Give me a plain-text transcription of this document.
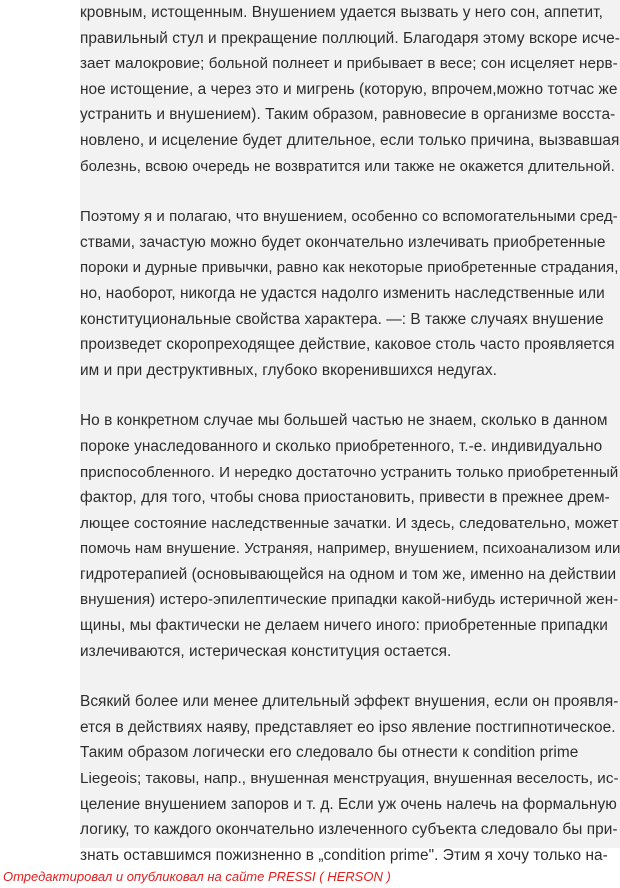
кровным, истощенным. Внушением удается вызвать у него сон, аппетит,
правильный стул и прекращение поллюций. Благодаря этому вскоре исче-
зает малокровие; больной полнеет и прибывает в весе; сон исцеляет нерв-
ное истощение, а через это и мигрень (которую, впрочем,можно тотчас же
устранить и внушением). Таким образом, равновесие в организме восста-
новлено, и исцеление будет длительное, если только причина, вызвавшая
болезнь, всвою очередь не возвратится или также не окажется длительной.
Поэтому я и полагаю, что внушением, особенно со вспомогательными сред-
ствами, зачастую можно будет окончательно излечивать приобретенные
пороки и дурные привычки, равно как некоторые приобретенные страдания,
но, наоборот, никогда не удастся надолго изменить наследственные или
конституциональные свойства характера. —: В также случаях внушение
произведет скоропреходящее действие, каковое столь часто проявляется
им и при деструктивных, глубоко вкоренившихся недугах.
Но в конкретном случае мы большей частью не знаем, сколько в данном
пороке унаследованного и сколько приобретенного, т.-е. индивидуально
приспособленного. И нередко достаточно устранить только приобретенный
фактор, для того, чтобы снова приостановить, привести в прежнее дрем-
лющее состояние наследственные зачатки. И здесь, следовательно, может
помочь нам внушение. Устраняя, например, внушением, психоанализом или
гидротерапией (основывающейся на одном и том же, именно на действии
внушения) истеро-эпилептические припадки какой-нибудь истеричной жен-
щины, мы фактически не делаем ничего иного: приобретенные припадки
излечиваются, истерическая конституция остается.
Всякий более или менее длительный эффект внушения, если он проявля-
ется в действиях наяву, представляет eo ipso явление постгипнотическое.
Таким образом логически его следовало бы отнести к condition prime
Liegeois; таковы, напр., внушенная менструация, внушенная веселость, ис-
целение внушением запоров и т. д. Если уж очень налечь на формальную
логику, то каждого окончательно излеченного субъекта следовало бы при-
знать оставшимся пожизненно в „condition prime". Этим я хочу только на-
Отредактировал и опубликовал на сайте PRESSI ( HERSON )
